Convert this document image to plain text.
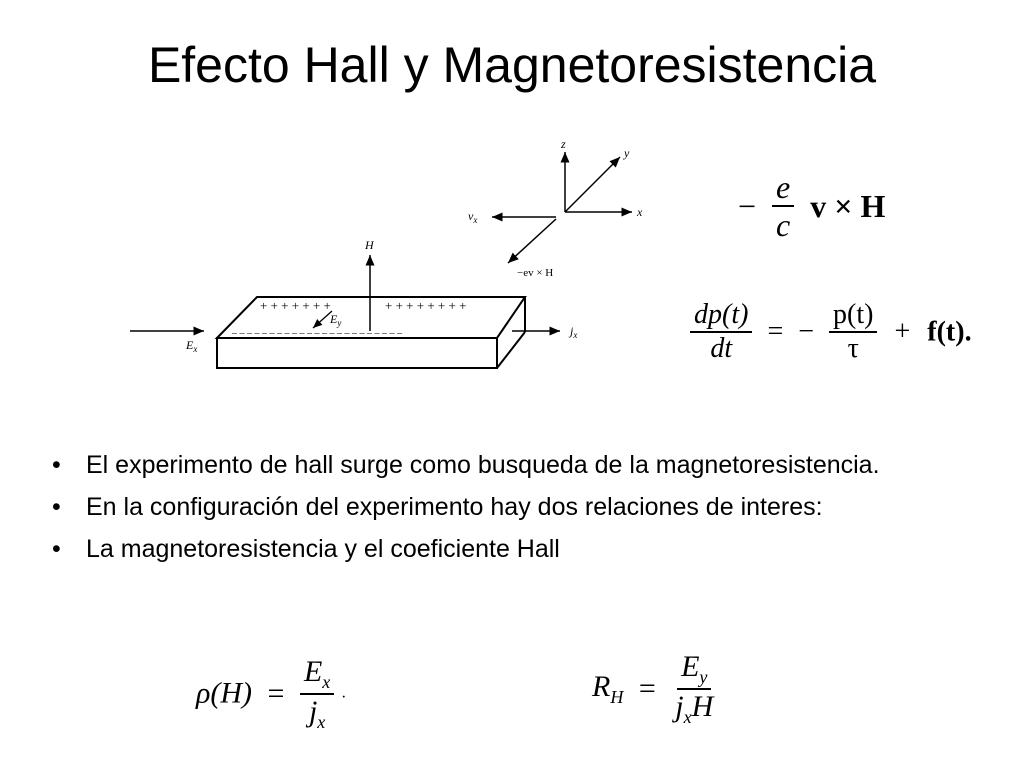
Efecto Hall y Magnetoresistencia
z
y
x
$v_x$
−ev × H
H
+ + + + + + +	+ + + + + + + +
– – – – – – – – – – – – – – – – – – – – – – –
$E_y$
$E_x$
$j_x$
− $\frac{e}{c}$ v × H
$\frac{dp(t)}{dt}$ = − $\frac{p(t)}{\tau} + f(t)$.
• El experimento de hall surge como busqueda de la magnetoresistencia.
• En la configuración del experimento hay dos relaciones de interes:
• La magnetoresistencia y el coeficiente Hall
$\rho(H) = \frac{E_x}{j_x}$ .	$R_H = \frac{E_y}{j_xH}$
